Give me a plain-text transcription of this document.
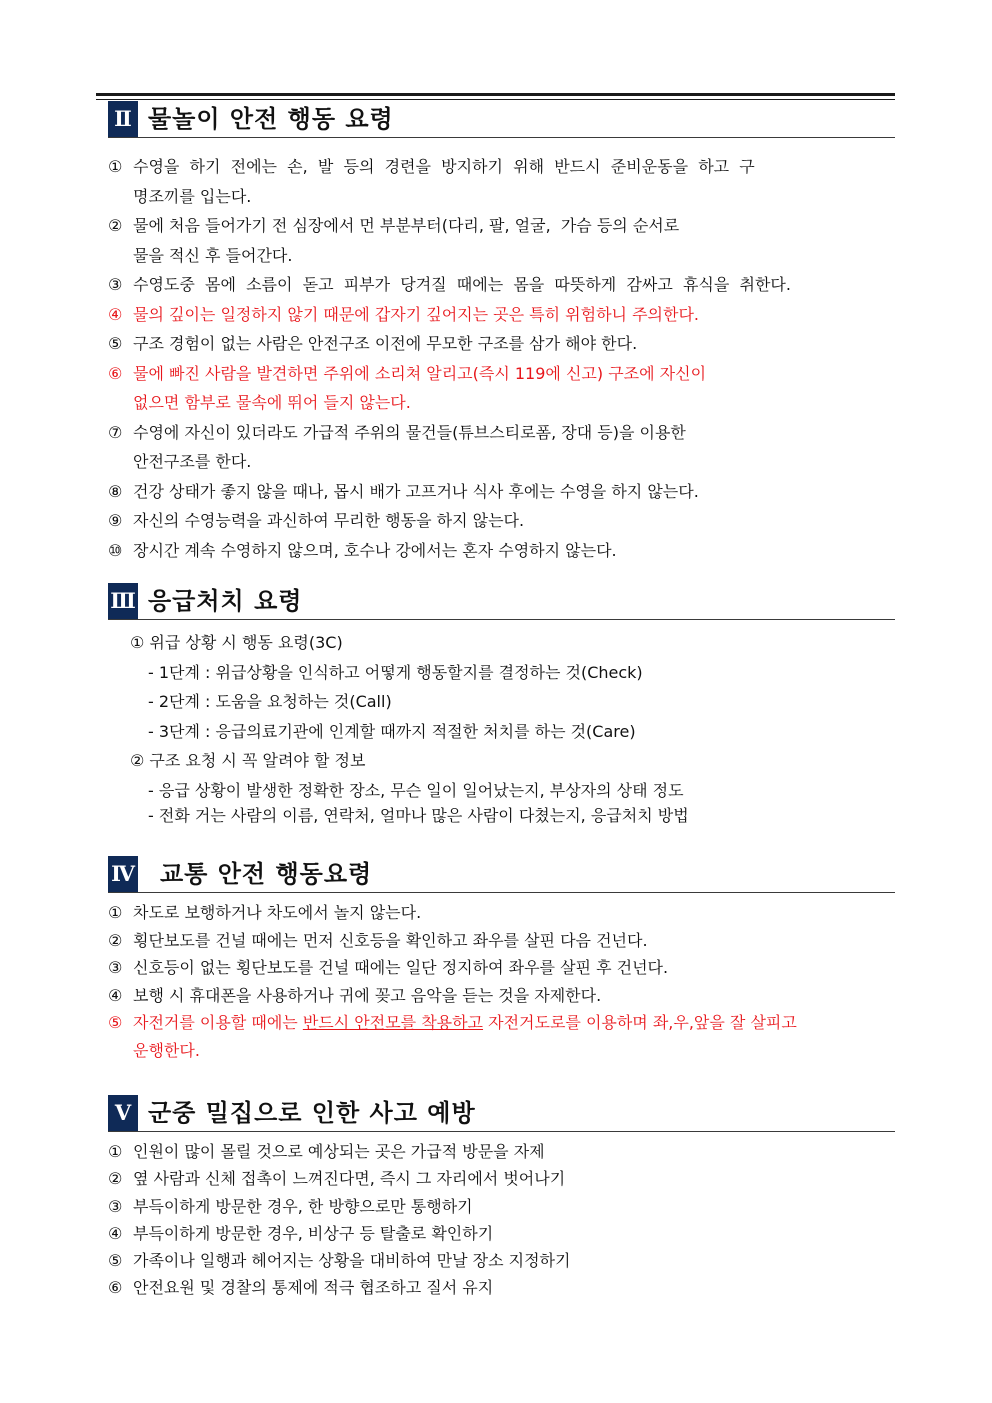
Ⅱ 물놀이 안전 행동 요령
① 수영을  하기  전에는  손,  발  등의  경련을  방지하기  위해  반드시  준비운동을  하고  구
명조끼를 입는다.
② 물에 처음 들어가기 전 심장에서 먼 부분부터(다리, 팔, 얼굴,  가슴 등의 순서로
물을 적신 후 들어간다.
③ 수영도중  몸에  소름이  돋고  피부가  당겨질  때에는  몸을  따뜻하게  감싸고  휴식을  취한다.
④ 물의 깊이는 일정하지 않기 때문에 갑자기 깊어지는 곳은 특히 위험하니 주의한다.
⑤ 구조 경험이 없는 사람은 안전구조 이전에 무모한 구조를 삼가 해야 한다.
⑥ 물에 빠진 사람을 발견하면 주위에 소리쳐 알리고(즉시 119에 신고) 구조에 자신이
없으면 함부로 물속에 뛰어 들지 않는다.
⑦ 수영에 자신이 있더라도 가급적 주위의 물건들(튜브스티로폼, 장대 등)을 이용한
안전구조를 한다.
⑧ 건강 상태가 좋지 않을 때나, 몹시 배가 고프거나 식사 후에는 수영을 하지 않는다.
⑨ 자신의 수영능력을 과신하여 무리한 행동을 하지 않는다.
⑩ 장시간 계속 수영하지 않으며, 호수나 강에서는 혼자 수영하지 않는다.
Ⅲ 응급처치 요령
① 위급 상황 시 행동 요령(3C)
- 1단계 : 위급상황을 인식하고 어떻게 행동할지를 결정하는 것(Check)
- 2단계 : 도움을 요청하는 것(Call)
- 3단계 : 응급의료기관에 인계할 때까지 적절한 처치를 하는 것(Care)
② 구조 요청 시 꼭 알려야 할 정보
- 응급 상황이 발생한 정확한 장소, 무슨 일이 일어났는지, 부상자의 상태 정도
- 전화 거는 사람의 이름, 연락처, 얼마나 많은 사람이 다쳤는지, 응급처치 방법
Ⅳ 교통 안전 행동요령
① 차도로 보행하거나 차도에서 놀지 않는다.
② 횡단보도를 건널 때에는 먼저 신호등을 확인하고 좌우를 살핀 다음 건넌다.
③ 신호등이 없는 횡단보도를 건널 때에는 일단 정지하여 좌우를 살핀 후 건넌다.
④ 보행 시 휴대폰을 사용하거나 귀에 꽂고 음악을 듣는 것을 자제한다.
⑤ 자전거를 이용할 때에는 반드시 안전모를 착용하고 자전거도로를 이용하며 좌,우,앞을 잘 살피고
운행한다.
Ⅴ 군중 밀집으로 인한 사고 예방
① 인원이 많이 몰릴 것으로 예상되는 곳은 가급적 방문을 자제
② 옆 사람과 신체 접촉이 느껴진다면, 즉시 그 자리에서 벗어나기
③ 부득이하게 방문한 경우, 한 방향으로만 통행하기
④ 부득이하게 방문한 경우, 비상구 등 탈출로 확인하기
⑤ 가족이나 일행과 헤어지는 상황을 대비하여 만날 장소 지정하기
⑥ 안전요원 및 경찰의 통제에 적극 협조하고 질서 유지
